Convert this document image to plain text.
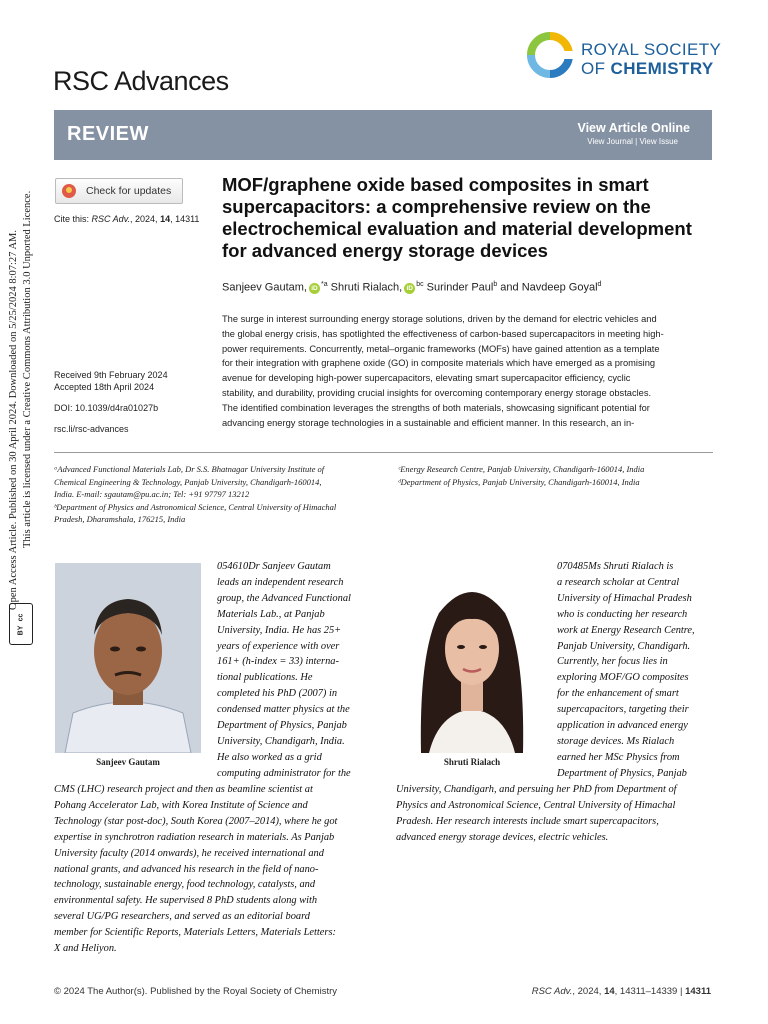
Open Access Article. Published on 30 April 2024. Downloaded on 5/25/2024 8:07:27 AM. This article is licensed under a Creative Commons Attribution 3.0 Unported Licence.
cc
BY
RSC Advances
ROYAL SOCIETY
OF CHEMISTRY
REVIEW	View Article Online
View Journal | View Issue
Check for updates
Cite this: RSC Adv., 2024, 14, 14311
Received 9th February 2024
Accepted 18th April 2024
DOI: 10.1039/d4ra01027b
rsc.li/rsc-advances
MOF/graphene oxide based composites in smart supercapacitors: a comprehensive review on the electrochemical evaluation and material development for advanced energy storage devices
Sanjeev Gautam, $iD^{*a}$ Shruti Rialach, $iD^{bc}$ Surinder Paul$^b$ and Navdeep Goyal$^d$
The surge in interest surrounding energy storage solutions, driven by the demand for electric vehicles and
the global energy crisis, has spotlighted the effectiveness of carbon-based supercapacitors in meeting high-
power requirements. Concurrently, metal–organic frameworks (MOFs) have gained attention as a template
for their integration with graphene oxide (GO) in composite materials which have emerged as a promising
avenue for developing high-power supercapacitors, elevating smart supercapacitor efficiency, cyclic
stability, and durability, providing crucial insights for overcoming contemporary energy storage obstacles.
The identified combination leverages the strengths of both materials, showcasing significant potential for
advancing energy storage technologies in a sustainable and efficient manner. In this research, an in-
ᵃAdvanced Functional Materials Lab, Dr S.S. Bhatnagar University Institute of
Chemical Engineering & Technology, Panjab University, Chandigarh-160014,
India. E-mail: sgautam@pu.ac.in; Tel: +91 97797 13212
ᵇDepartment of Physics and Astronomical Science, Central University of Himachal
Pradesh, Dharamshala, 176215, India
ᶜEnergy Research Centre, Panjab University, Chandigarh-160014, India
ᵈDepartment of Physics, Panjab University, Chandigarh-160014, India
Sanjeev Gautam
054610Dr Sanjeev Gautam
leads an independent research
group, the Advanced Functional
Materials Lab., at Panjab
University, India. He has 25+
years of experience with over
161+ (h-index = 33) interna-
tional publications. He
completed his PhD (2007) in
condensed matter physics at the
Department of Physics, Panjab
University, Chandigarh, India.
He also worked as a grid
computing administrator for the
CMS (LHC) research project and then as beamline scientist at
Pohang Accelerator Lab, with Korea Institute of Science and
Technology (star post-doc), South Korea (2007–2014), where he got
expertise in synchrotron radiation research in materials. As Panjab
University faculty (2014 onwards), he received international and
national grants, and advanced his research in the field of nano-
technology, sustainable energy, food technology, catalysts, and
environmental safety. He supervised 8 PhD students along with
several UG/PG researchers, and served as an editorial board
member for Scientific Reports, Materials Letters, Materials Letters:
X and Heliyon.
Shruti Rialach
070485Ms Shruti Rialach is
a research scholar at Central
University of Himachal Pradesh
who is conducting her research
work at Energy Research Centre,
Panjab University, Chandigarh.
Currently, her focus lies in
exploring MOF/GO composites
for the enhancement of smart
supercapacitors, targeting their
application in advanced energy
storage devices. Ms Rialach
earned her MSc Physics from
Department of Physics, Panjab
University, Chandigarh, and persuing her PhD from Department of
Physics and Astronomical Science, Central University of Himachal
Pradesh. Her research interests include smart supercapacitors,
advanced energy storage devices, electric vehicles.
© 2024 The Author(s). Published by the Royal Society of Chemistry	RSC Adv., 2024, 14, 14311–14339 | 14311
